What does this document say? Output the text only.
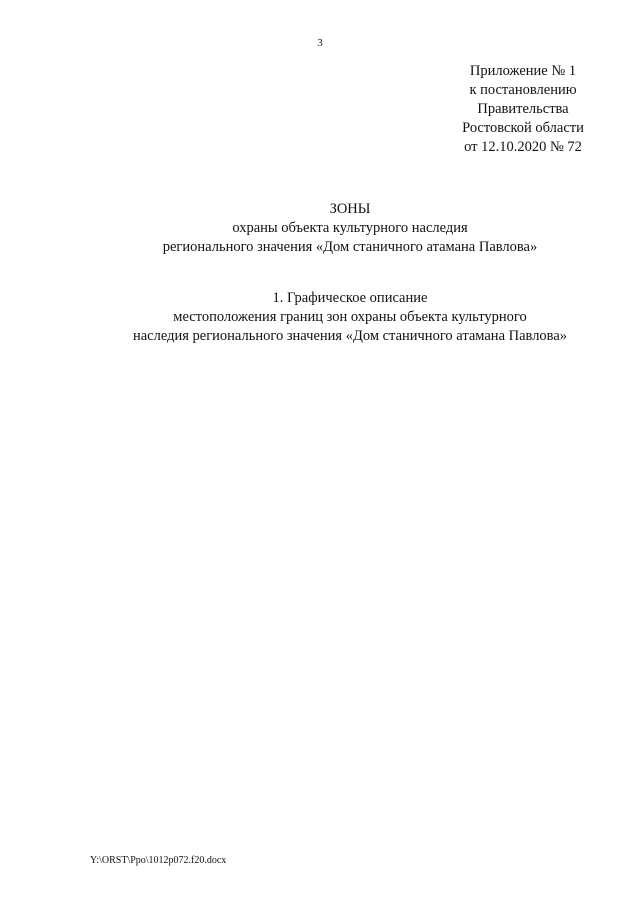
3
Приложение № 1
к постановлению
Правительства
Ростовской области
от 12.10.2020 № 72
ЗОНЫ
охраны объекта культурного наследия
регионального значения «Дом станичного атамана Павлова»
1. Графическое описание
местоположения границ зон охраны объекта культурного
наследия регионального значения «Дом станичного атамана Павлова»
Y:\ORST\Ppo\1012p072.f20.docx
